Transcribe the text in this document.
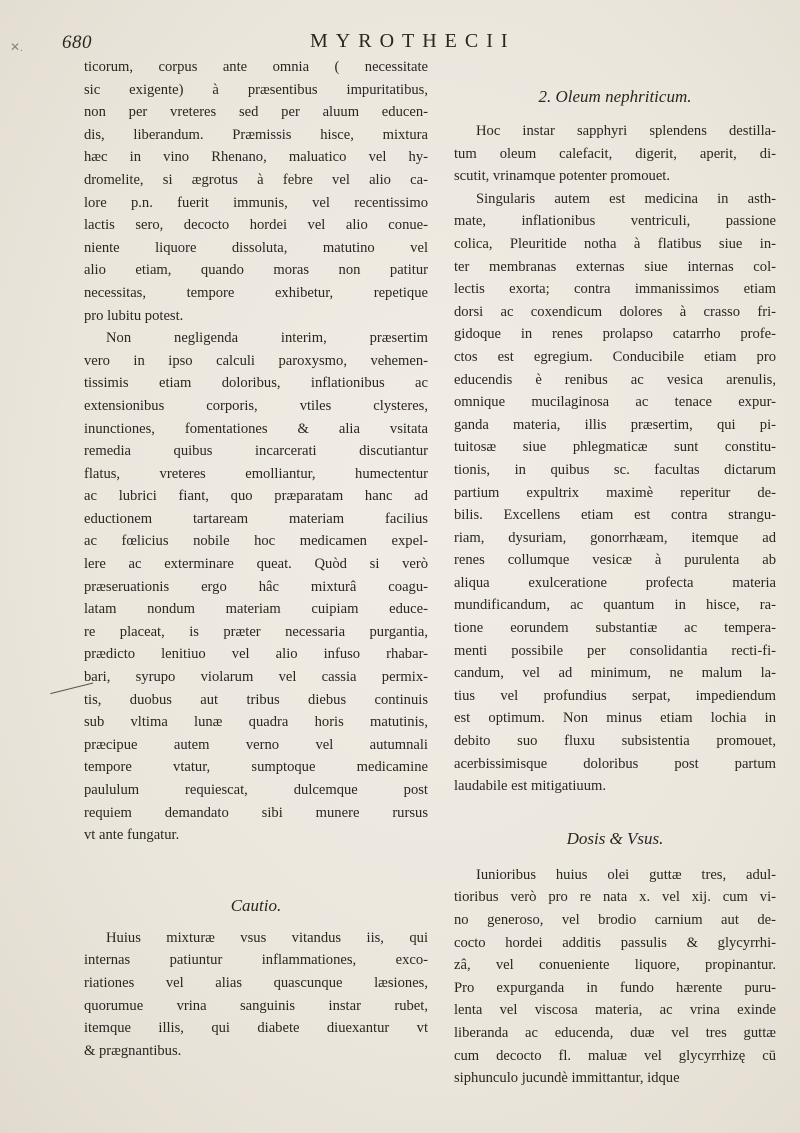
✕. 680	MYROTHECII
ticorum, corpus ante omnia ( necessitate
sic exigente) à præsentibus impuritatibus,
non per vreteres sed per aluum educen-
dis, liberandum. Præmissis hisce, mixtura
hæc in vino Rhenano, maluatico vel hy-
dromelite, si ægrotus à febre vel alio ca-
lore p.n. fuerit immunis, vel recentissimo
lactis sero, decocto hordei vel alio conue-
niente liquore dissoluta, matutino vel
alio etiam, quando moras non patitur
necessitas, tempore exhibetur, repetique
pro lubitu potest.
Non negligenda interim, præsertim
vero in ipso calculi paroxysmo, vehemen-
tissimis etiam doloribus, inflationibus ac
extensionibus corporis, vtiles clysteres,
inunctiones, fomentationes & alia vsitata
remedia quibus incarcerati discutiantur
flatus, vreteres emolliantur, humectentur
ac lubrici fiant, quo præparatam hanc ad
eductionem tartaream materiam facilius
ac fœlicius nobile hoc medicamen expel-
lere ac exterminare queat. Quòd si verò
præseruationis ergo hâc mixturâ coagu-
latam nondum materiam cuipiam educe-
re placeat, is præter necessaria purgantia,
prædicto lenitiuo vel alio infuso rhabar-
bari, syrupo violarum vel cassia permix-
tis, duobus aut tribus diebus continuis
sub vltima lunæ quadra horis matutinis,
præcipue autem verno vel autumnali
tempore vtatur, sumptoque medicamine
paululum requiescat, dulcemque post
requiem demandato sibi munere rursus
vt ante fungatur.
Cautio.
Huius mixturæ vsus vitandus iis, qui
internas patiuntur inflammationes, exco-
riationes vel alias quascunque læsiones,
quorumue vrina sanguinis instar rubet,
itemque illis, qui diabete diuexantur vt
& prægnantibus.
2. Oleum nephriticum.
Hoc instar sapphyri splendens destilla-
tum oleum calefacit, digerit, aperit, di-
scutit, vrinamque potenter promouet.
Singularis autem est medicina in asth-
mate, inflationibus ventriculi, passione
colica, Pleuritide notha à flatibus siue in-
ter membranas externas siue internas col-
lectis exorta; contra immanissimos etiam
dorsi ac coxendicum dolores à crasso fri-
gidoque in renes prolapso catarrho profe-
ctos est egregium. Conducibile etiam pro
educendis è renibus ac vesica arenulis,
omnique mucilaginosa ac tenace expur-
ganda materia, illis præsertim, qui pi-
tuitosæ siue phlegmaticæ sunt constitu-
tionis, in quibus sc. facultas dictarum
partium expultrix maximè reperitur de-
bilis. Excellens etiam est contra strangu-
riam, dysuriam, gonorrhæam, itemque ad
renes collumque vesicæ à purulenta ab
aliqua exulceratione profecta materia
mundificandum, ac quantum in hisce, ra-
tione eorundem substantiæ ac tempera-
menti possibile per consolidantia recti-fi-
candum, vel ad minimum, ne malum la-
tius vel profundius serpat, impediendum
est optimum. Non minus etiam lochia in
debito suo fluxu subsistentia promouet,
acerbissimisque doloribus post partum
laudabile est mitigatiuum.
Dosis & Vsus.
Iunioribus huius olei guttæ tres, adul-
tioribus verò pro re nata x. vel xij. cum vi-
no generoso, vel brodio carnium aut de-
cocto hordei additis passulis & glycyrrhi-
zâ, vel conueniente liquore, propinantur.
Pro expurganda in fundo hærente puru-
lenta vel viscosa materia, ac vrina exinde
liberanda ac educenda, duæ vel tres guttæ
cum decocto fl. maluæ vel glycyrrhizę cū
siphunculo jucundè immittantur, idque
